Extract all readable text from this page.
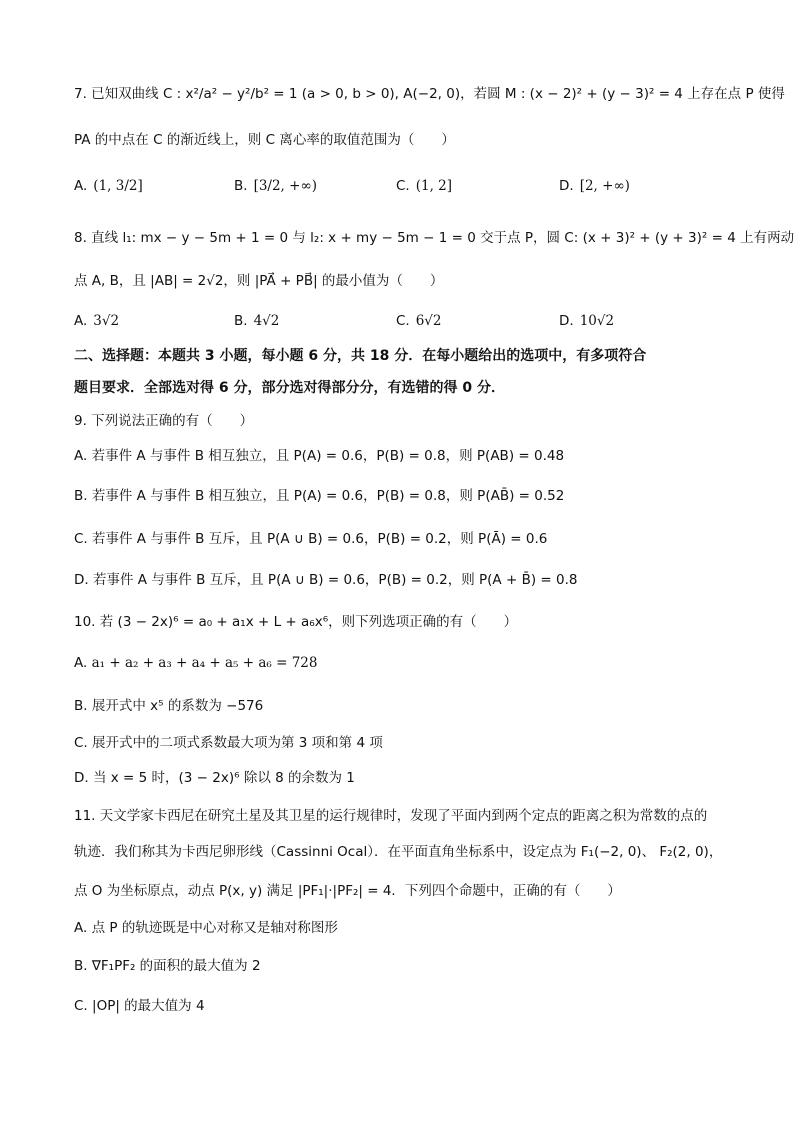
7. 已知双曲线 C : x²/a² − y²/b² = 1 (a > 0, b > 0), A(−2, 0)，若圆 M : (x − 2)² + (y − 3)² = 4 上存在点 P 使得
PA 的中点在 C 的渐近线上，则 C 离心率的取值范围为（　　）
A. (1, 3/2]	B. [3/2, +∞)	C. (1, 2]	D. [2, +∞)
8. 直线 l₁: mx − y − 5m + 1 = 0 与 l₂: x + my − 5m − 1 = 0 交于点 P，圆 C: (x + 3)² + (y + 3)² = 4 上有两动
点 A, B，且 |AB| = 2√2，则 |PA⃗ + PB⃗| 的最小值为（　　）
A. 3√2	B. 4√2	C. 6√2	D. 10√2
二、选择题：本题共 3 小题，每小题 6 分，共 18 分．在每小题给出的选项中，有多项符合
题目要求．全部选对得 6 分，部分选对得部分分，有选错的得 0 分．
9. 下列说法正确的有（　　）
A. 若事件 A 与事件 B 相互独立，且 P(A) = 0.6，P(B) = 0.8，则 P(AB) = 0.48
B. 若事件 A 与事件 B 相互独立，且 P(A) = 0.6，P(B) = 0.8，则 P(AB̄) = 0.52
C. 若事件 A 与事件 B 互斥，且 P(A ∪ B) = 0.6，P(B) = 0.2，则 P(Ā) = 0.6
D. 若事件 A 与事件 B 互斥，且 P(A ∪ B) = 0.6，P(B) = 0.2，则 P(A + B̄) = 0.8
10. 若 (3 − 2x)⁶ = a₀ + a₁x + L + a₆x⁶，则下列选项正确的有（　　）
A. a₁ + a₂ + a₃ + a₄ + a₅ + a₆ = 728
B. 展开式中 x⁵ 的系数为 −576
C. 展开式中的二项式系数最大项为第 3 项和第 4 项
D. 当 x = 5 时，(3 − 2x)⁶ 除以 8 的余数为 1
11. 天文学家卡西尼在研究土星及其卫星的运行规律时，发现了平面内到两个定点的距离之积为常数的点的
轨迹．我们称其为卡西尼卵形线（Cassinni Ocal）．在平面直角坐标系中，设定点为 F₁(−2, 0)、 F₂(2, 0)，
点 O 为坐标原点，动点 P(x, y) 满足 |PF₁|·|PF₂| = 4．下列四个命题中，正确的有（　　）
A. 点 P 的轨迹既是中心对称又是轴对称图形
B. ∇F₁PF₂ 的面积的最大值为 2
C. |OP| 的最大值为 4
